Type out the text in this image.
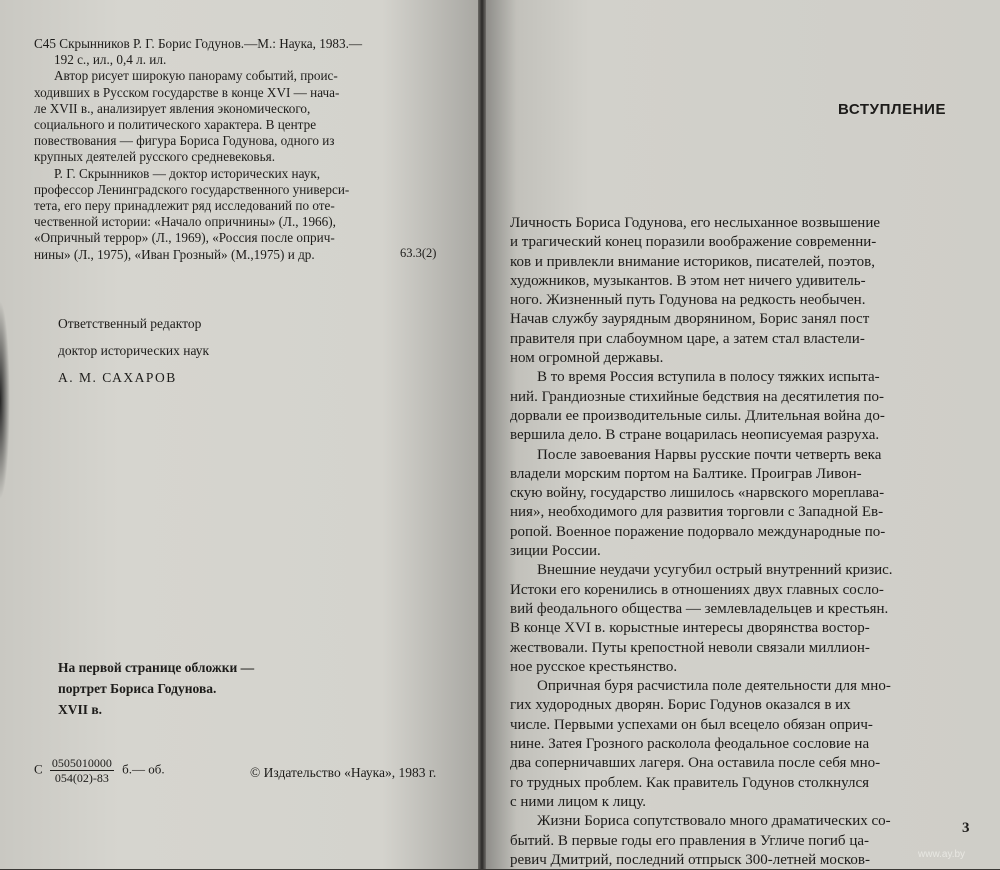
С45 Скрынников Р. Г. Борис Годунов.—М.: Наука, 1983.—
192 с., ил., 0,4 л. ил.
Автор рисует широкую панораму событий, проис-
ходивших в Русском государстве в конце XVI — нача-
ле XVII в., анализирует явления экономического,
социального и политического характера. В центре
повествования — фигура Бориса Годунова, одного из
крупных деятелей русского средневековья.
Р. Г. Скрынников — доктор исторических наук,
профессор Ленинградского государственного универси-
тета, его перу принадлежит ряд исследований по оте-
чественной истории: «Начало опричнины» (Л., 1966),
«Опричный террор» (Л., 1969), «Россия после оприч-
нины» (Л., 1975), «Иван Грозный» (М.,1975) и др.	63.3(2)
Ответственный редактор
доктор исторических наук
А. М. САХАРОВ
На первой странице обложки —
портрет Бориса Годунова.
XVII в.
С $\frac{0505010000}{054(02)-83}$ б.— об.	© Издательство «Наука», 1983 г.
ВСТУПЛЕНИЕ
Личность Бориса Годунова, его неслыханное возвышение
и трагический конец поразили воображение современни-
ков и привлекли внимание историков, писателей, поэтов,
художников, музыкантов. В этом нет ничего удивитель-
ного. Жизненный путь Годунова на редкость необычен.
Начав службу заурядным дворянином, Борис занял пост
правителя при слабоумном царе, а затем стал властели-
ном огромной державы.
В то время Россия вступила в полосу тяжких испыта-
ний. Грандиозные стихийные бедствия на десятилетия по-
дорвали ее производительные силы. Длительная война до-
вершила дело. В стране воцарилась неописуемая разруха.
После завоевания Нарвы русские почти четверть века
владели морским портом на Балтике. Проиграв Ливон-
скую войну, государство лишилось «нарвского мореплава-
ния», необходимого для развития торговли с Западной Ев-
ропой. Военное поражение подорвало международные по-
зиции России.
Внешние неудачи усугубил острый внутренний кризис.
Истоки его коренились в отношениях двух главных сосло-
вий феодального общества — землевладельцев и крестьян.
В конце XVI в. корыстные интересы дворянства востор-
жествовали. Путы крепостной неволи связали миллион-
ное русское крестьянство.
Опричная буря расчистила поле деятельности для мно-
гих худородных дворян. Борис Годунов оказался в их
числе. Первыми успехами он был всецело обязан оприч-
нине. Затея Грозного расколола феодальное сословие на
два соперничавших лагеря. Она оставила после себя мно-
го трудных проблем. Как правитель Годунов столкнулся
с ними лицом к лицу.
Жизни Бориса сопутствовало много драматических со-
бытий. В первые годы его правления в Угличе погиб ца-
ревич Дмитрий, последний отпрыск 300-летней москов-
3
www.ay.by
